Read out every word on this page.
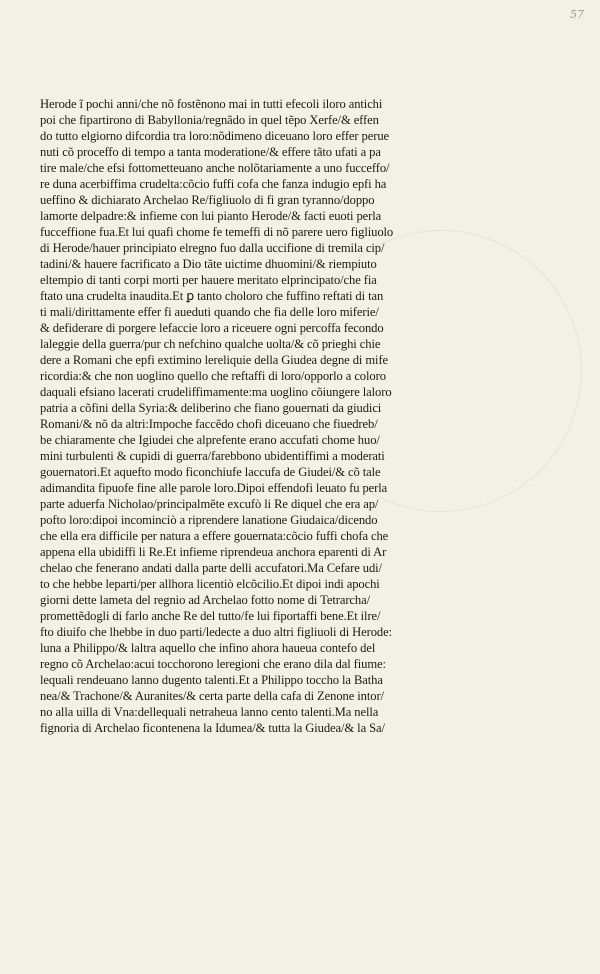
57
Herode ĩ pochi anni/che nõ fostẽnono mai in tutti efecoli iloro antichi
poi che fipartirono di Babyllonia/regnãdo in quel tẽpo Xerfe/& effen
do tutto elgiorno difcordia tra loro:nõdimeno diceuano loro effer perue
nuti cõ proceffo di tempo a tanta moderatione/& effere tãto ufati a pa
tire male/che efsi fottometteuano anche nolõtariamente a uno fucceffo/
re duna acerbiffima crudelta:cõcio fuffi cofa che fanza indugio epfi ha
ueffino & dichiarato Archelao Re/figliuolo di fi gran tyranno/doppo
lamorte delpadre:& infieme con lui pianto Herode/& facti euoti perla
fucceffione fua.Et lui quafi chome fe temeffi di nõ parere uero figliuolo
di Herode/hauer principiato elregno fuo dalla uccifione di tremila cip/
tadini/& hauere facrificato a Dio tãte uictime dhuomini/& riempiuto
eltempio di tanti corpi morti per hauere meritato elprincipato/che fia
ftato una crudelta inaudita.Et ꝑ tanto choloro che fuffino reftati di tan
ti mali/dirittamente effer fi aueduti quando che fia delle loro miferie/
& defiderare di porgere lefaccie loro a riceuere ogni percoffa fecondo
laleggie della guerra/pur ch nefchino qualche uolta/& cõ prieghi chie
dere a Romani che epfi extimino lereliquie della Giudea degne di mife
ricordia:& che non uoglino quello che reftaffi di loro/opporlo a coloro
daquali efsiano lacerati crudeliffimamente:ma uoglino cõiungere laloro
patria a cõfini della Syria:& deliberino che fiano gouernati da giudici
Romani/& nõ da altri:Impoche faccẽdo chofi diceuano che fiuedreb/
be chiaramente che Igiudei che alprefente erano accufati chome huo/
mini turbulenti & cupidi di guerra/farebbono ubidentiffimi a moderati
gouernatori.Et aquefto modo ficonchiufe laccufa de Giudei/& cõ tale
adimandita fipuofe fine alle parole loro.Dipoi effendofi leuato fu perla
parte aduerfa Nicholao/principalmẽte excufò li Re diquel che era ap/
pofto loro:dipoi incominciò a riprendere lanatione Giudaica/dicendo
che ella era difficile per natura a effere gouernata:cõcio fuffi chofa che
appena ella ubidiffi li Re.Et infieme riprendeua anchora eparenti di Ar
chelao che fenerano andati dalla parte delli accufatori.Ma Cefare udi/
to che hebbe leparti/per allhora licentiò elcõcilio.Et dipoi indi apochi
giorni dette lameta del regnio ad Archelao fotto nome di Tetrarcha/
promettẽdogli di farlo anche Re del tutto/fe lui fiportaffi bene.Et ilre/
fto diuifo che lhebbe in duo parti/ledecte a duo altri figliuoli di Herode:
luna a Philippo/& laltra aquello che infino ahora haueua contefo del
regno cõ Archelao:acui tocchorono leregioni che erano dila dal fiume:
lequali rendeuano lanno dugento talenti.Et a Philippo toccho la Batha
nea/& Trachone/& Auranites/& certa parte della cafa di Zenone intor/
no alla uilla di Vna:dellequali netraheua lanno cento talenti.Ma nella
fignoria di Archelao ficontenena la Idumea/& tutta la Giudea/& la Sa/
